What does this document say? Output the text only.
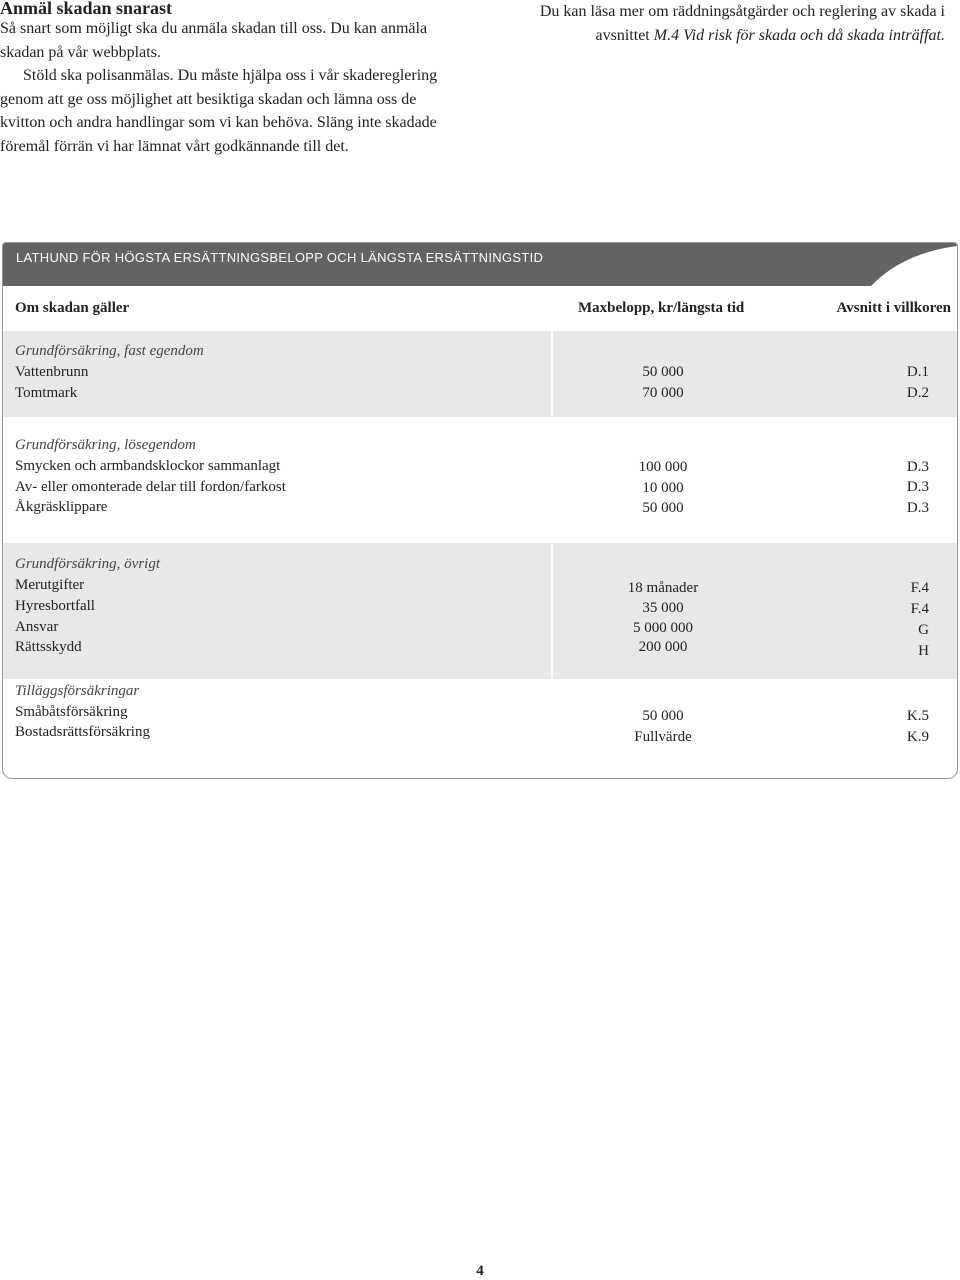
Anmäl skadan snarast

Så snart som möjligt ska du anmäla skadan till oss. Du kan anmäla skadan på vår webbplats.

Stöld ska polisanmälas. Du måste hjälpa oss i vår skadereglering genom att ge oss möjlighet att besiktiga skadan och lämna oss de kvitton och andra handlingar som vi kan behöva. Släng inte skadade föremål förrän vi har lämnat vårt godkännande till det.

Du kan läsa mer om räddningsåtgärder och reglering av skada i avsnittet M.4 Vid risk för skada och då skada inträffat.
LATHUND FÖR HÖGSTA ERSÄTTNINGSBELOPP OCH LÄNGSTA ERSÄTTNINGSTID
Om skadan gäller	Maxbelopp, kr/längsta tid	Avsnitt i villkoren
Grundförsäkring, fast egendom
Vattenbrunn	50 000	D.1
Tomtmark	70 000	D.2
Grundförsäkring, lösegendom
Smycken och armbandsklockor sammanlagt	100 000	D.3
Av- eller omonterade delar till fordon/farkost	10 000	D.3
Åkgräsklippare	50 000	D.3
Grundförsäkring, övrigt
Merutgifter	18 månader	F.4
Hyresbortfall	35 000	F.4
Ansvar	5 000 000	G
Rättsskydd	200 000	H
Tilläggsförsäkringar
Småbåtsförsäkring	50 000	K.5
Bostadsrättsförsäkring	Fullvärde	K.9
4
